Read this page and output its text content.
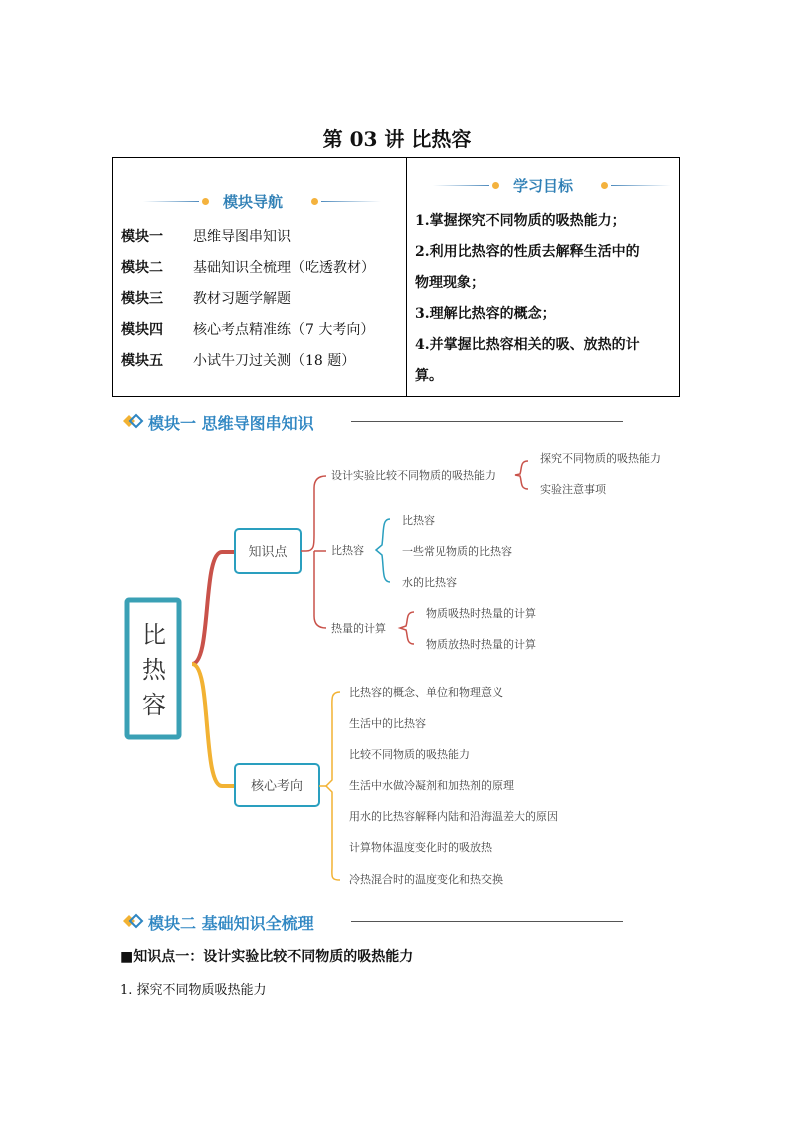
第 03 讲 比热容
模块导航
模块一 思维导图串知识
模块二 基础知识全梳理（吃透教材）
模块三 教材习题学解题
模块四 核心考点精准练（7 大考向）
模块五 小试牛刀过关测（18 题）
学习目标
1.掌握探究不同物质的吸热能力；
2.利用比热容的性质去解释生活中的
物理现象；
3.理解比热容的概念；
4.并掌握比热容相关的吸、放热的计
算。
模块一 思维导图串知识
比
热
容
知识点
核心考向
设计实验比较不同物质的吸热能力
探究不同物质的吸热能力
实验注意事项
比热容
比热容
一些常见物质的比热容
水的比热容
热量的计算
物质吸热时热量的计算
物质放热时热量的计算
比热容的概念、单位和物理意义
生活中的比热容
比较不同物质的吸热能力
生活中水做冷凝剂和加热剂的原理
用水的比热容解释内陆和沿海温差大的原因
计算物体温度变化时的吸放热
冷热混合时的温度变化和热交换
模块二 基础知识全梳理
■知识点一：设计实验比较不同物质的吸热能力
1. 探究不同物质吸热能力
